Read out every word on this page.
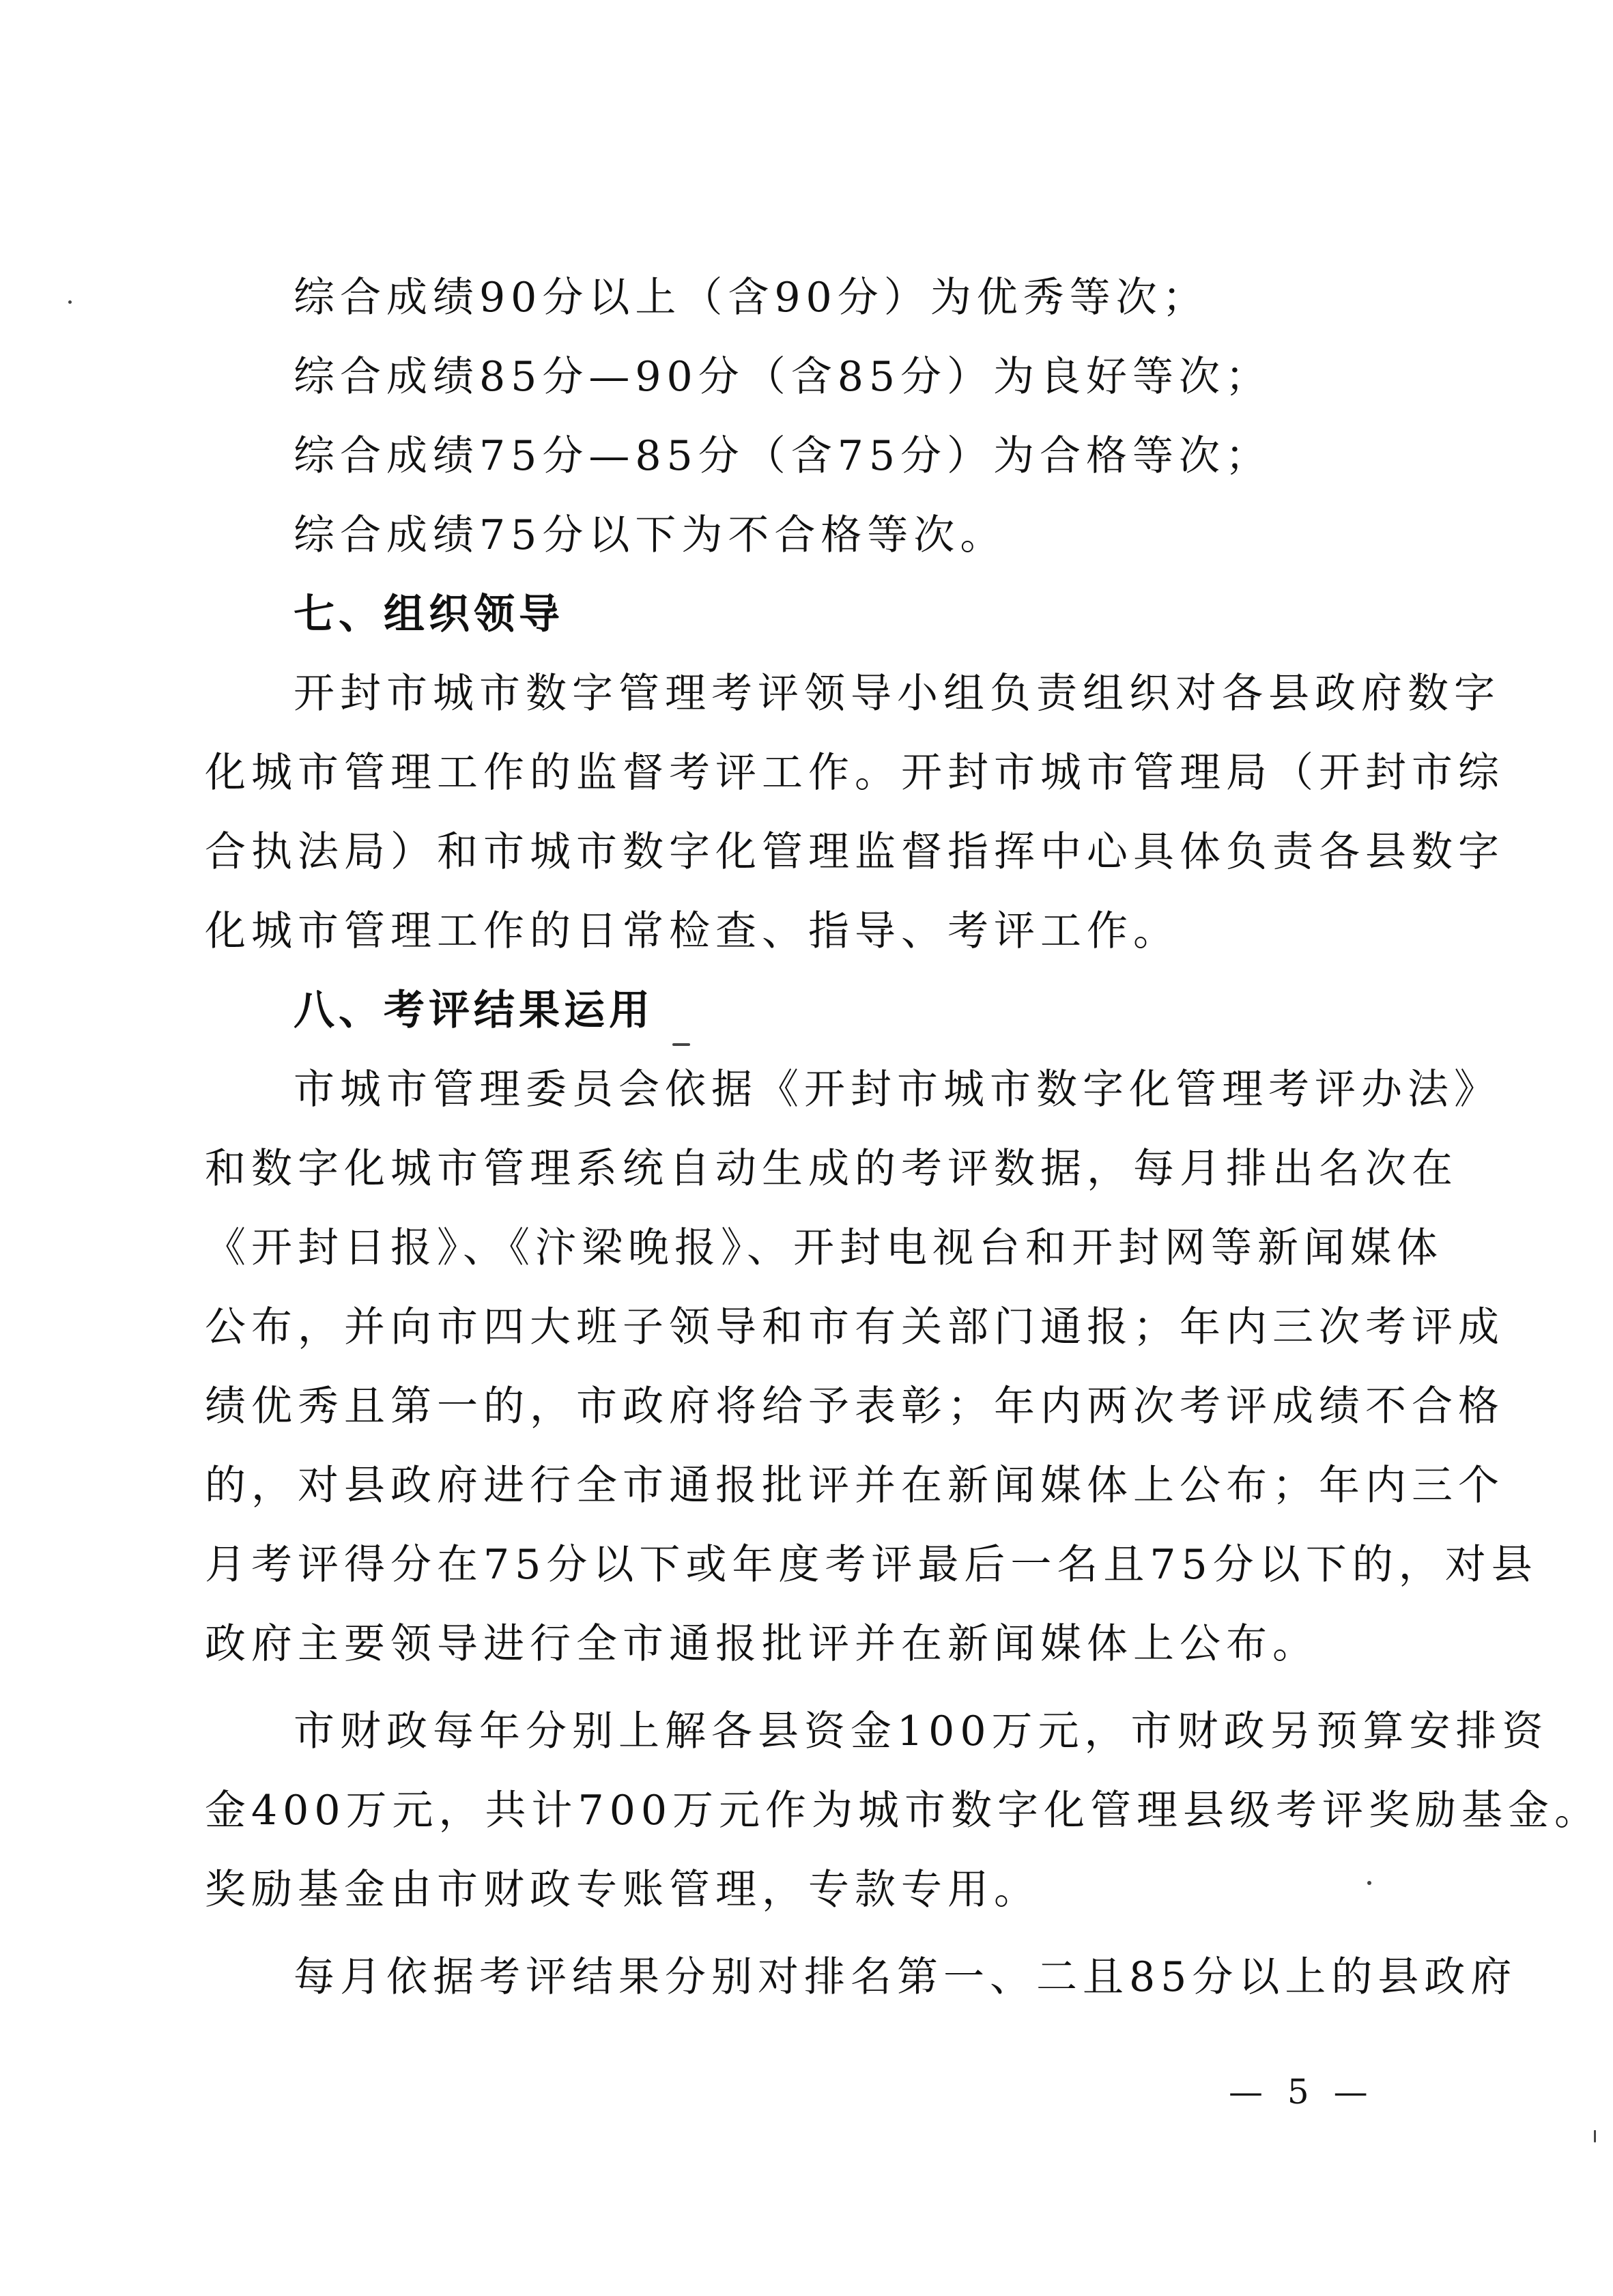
综合成绩90分以上（含90分）为优秀等次；
综合成绩85分—90分（含85分）为良好等次；
综合成绩75分—85分（含75分）为合格等次；
综合成绩75分以下为不合格等次。
七、组织领导
开封市城市数字管理考评领导小组负责组织对各县政府数字
化城市管理工作的监督考评工作。开封市城市管理局（开封市综
合执法局）和市城市数字化管理监督指挥中心具体负责各县数字
化城市管理工作的日常检查、指导、考评工作。
八、考评结果运用
市城市管理委员会依据《开封市城市数字化管理考评办法》
和数字化城市管理系统自动生成的考评数据，每月排出名次在
《开封日报》、《汴梁晚报》、开封电视台和开封网等新闻媒体
公布，并向市四大班子领导和市有关部门通报；年内三次考评成
绩优秀且第一的，市政府将给予表彰；年内两次考评成绩不合格
的，对县政府进行全市通报批评并在新闻媒体上公布；年内三个
月考评得分在75分以下或年度考评最后一名且75分以下的，对县
政府主要领导进行全市通报批评并在新闻媒体上公布。
市财政每年分别上解各县资金100万元，市财政另预算安排资
金400万元，共计700万元作为城市数字化管理县级考评奖励基金。
奖励基金由市财政专账管理，专款专用。
每月依据考评结果分别对排名第一、二且85分以上的县政府
— 5 —
